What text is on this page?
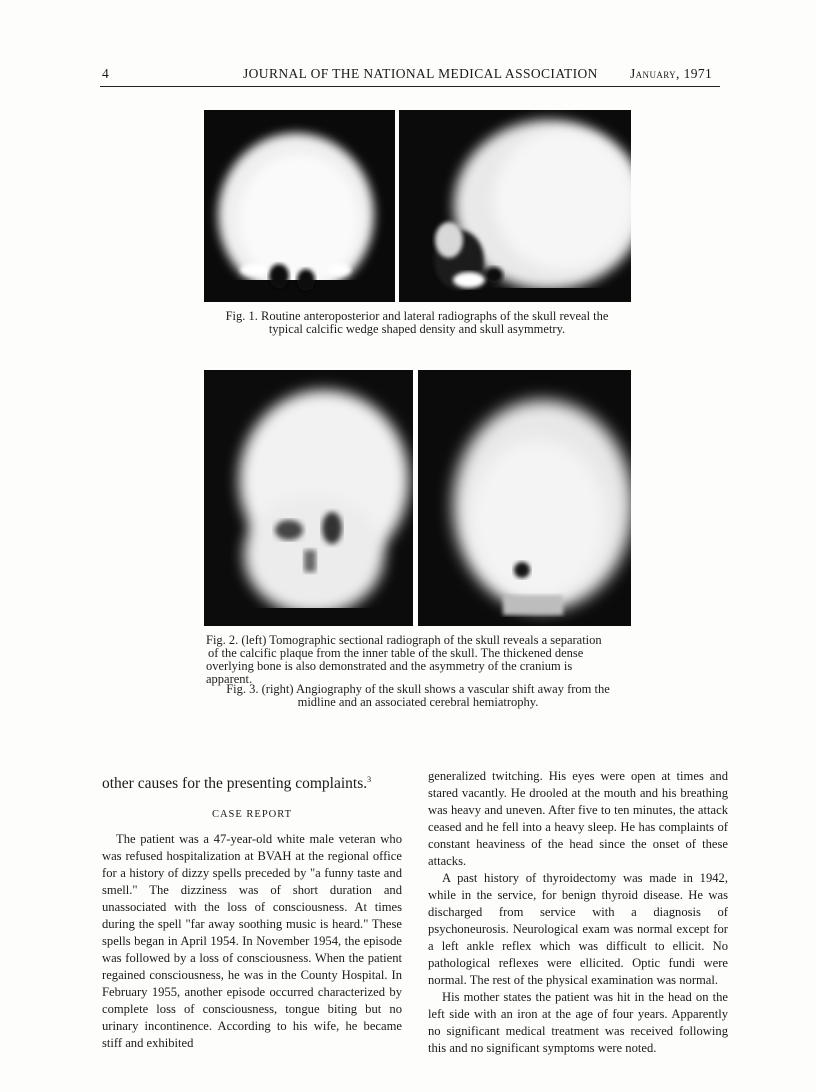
4	JOURNAL OF THE NATIONAL MEDICAL ASSOCIATION January, 1971
Fig. 1. Routine anteroposterior and lateral radiographs of the skull reveal the
typical calcific wedge shaped density and skull asymmetry.
Fig. 2. (left) Tomographic sectional radiograph of the skull reveals a separation
of the calcific plaque from the inner table of the skull. The thickened dense
overlying bone is also demonstrated and the asymmetry of the cranium is
apparent.
Fig. 3. (right) Angiography of the skull shows a vascular shift away from the
midline and an associated cerebral hemiatrophy.

other causes for the presenting complaints.$^3$

CASE REPORT

The patient was a 47-year-old white male veteran who was refused hospitalization at BVAH at the regional office for a history of dizzy spells preceded by "a funny taste and smell." The dizziness was of short duration and unassociated with the loss of consciousness. At times during the spell "far away soothing music is heard." These spells began in April 1954. In November 1954, the episode was followed by a loss of consciousness. When the patient regained consciousness, he was in the County Hospital. In February 1955, another episode occurred characterized by complete loss of consciousness, tongue biting but no urinary incontinence. According to his wife, he became stiff and exhibited

generalized twitching. His eyes were open at times and stared vacantly. He drooled at the mouth and his breathing was heavy and uneven. After five to ten minutes, the attack ceased and he fell into a heavy sleep. He has complaints of constant heaviness of the head since the onset of these attacks.

A past history of thyroidectomy was made in 1942, while in the service, for benign thyroid disease. He was discharged from service with a diagnosis of psychoneurosis. Neurological exam was normal except for a left ankle reflex which was difficult to ellicit. No pathological reflexes were ellicited. Optic fundi were normal. The rest of the physical examination was normal.

His mother states the patient was hit in the head on the left side with an iron at the age of four years. Apparently no significant medical treatment was received following this and no significant symptoms were noted.
